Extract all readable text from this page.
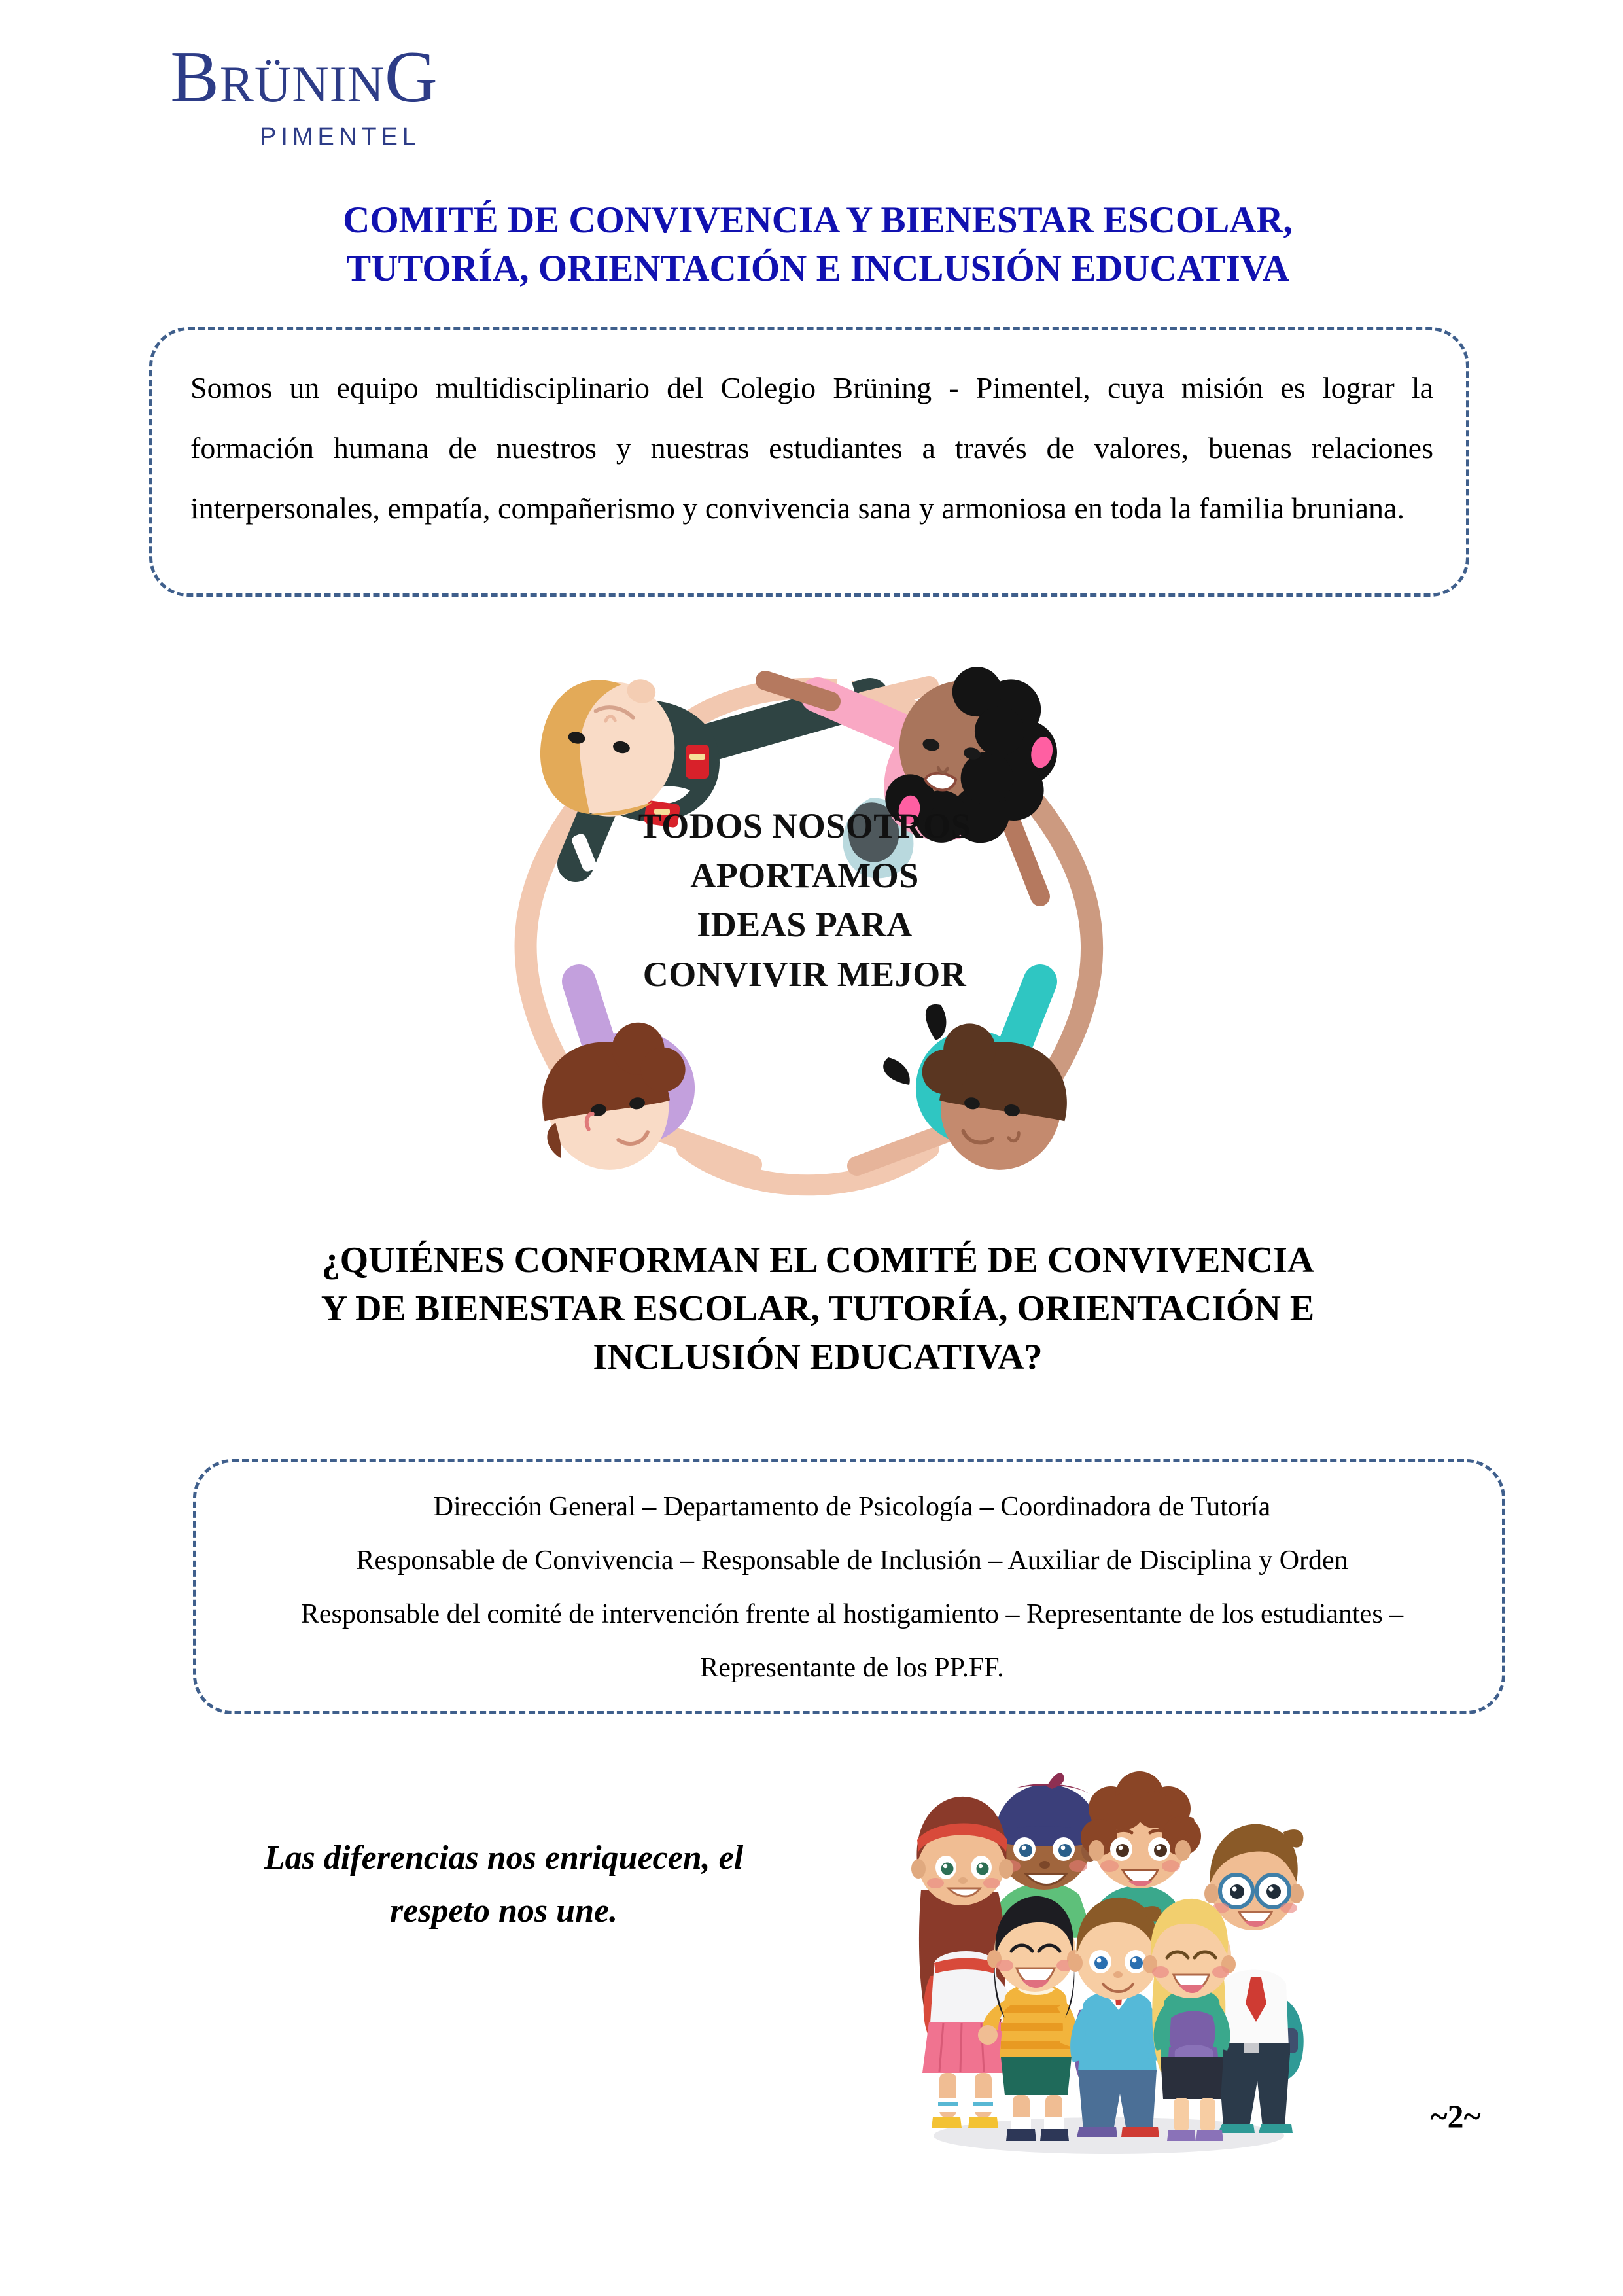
BRÜNING
PIMENTEL
COMITÉ DE CONVIVENCIA Y BIENESTAR ESCOLAR,
TUTORÍA, ORIENTACIÓN E INCLUSIÓN EDUCATIVA
Somos un equipo multidisciplinario del Colegio Brüning - Pimentel, cuya misión es lograr la formación humana de nuestros y nuestras estudiantes a través de valores, buenas relaciones interpersonales, empatía, compañerismo y convivencia sana y armoniosa en toda la familia bruniana.
TODOS NOSOTROS
APORTAMOS
IDEAS PARA
CONVIVIR MEJOR
¿QUIÉNES CONFORMAN EL COMITÉ DE CONVIVENCIA
Y DE BIENESTAR ESCOLAR, TUTORÍA, ORIENTACIÓN E
INCLUSIÓN EDUCATIVA?

Dirección General – Departamento de Psicología – Coordinadora de Tutoría

Responsable de Convivencia – Responsable de Inclusión – Auxiliar de Disciplina y Orden

Responsable del comité de intervención frente al hostigamiento – Representante de los estudiantes – Representante de los PP.FF.

Las diferencias nos enriquecen, el
respeto nos une.
~2~
